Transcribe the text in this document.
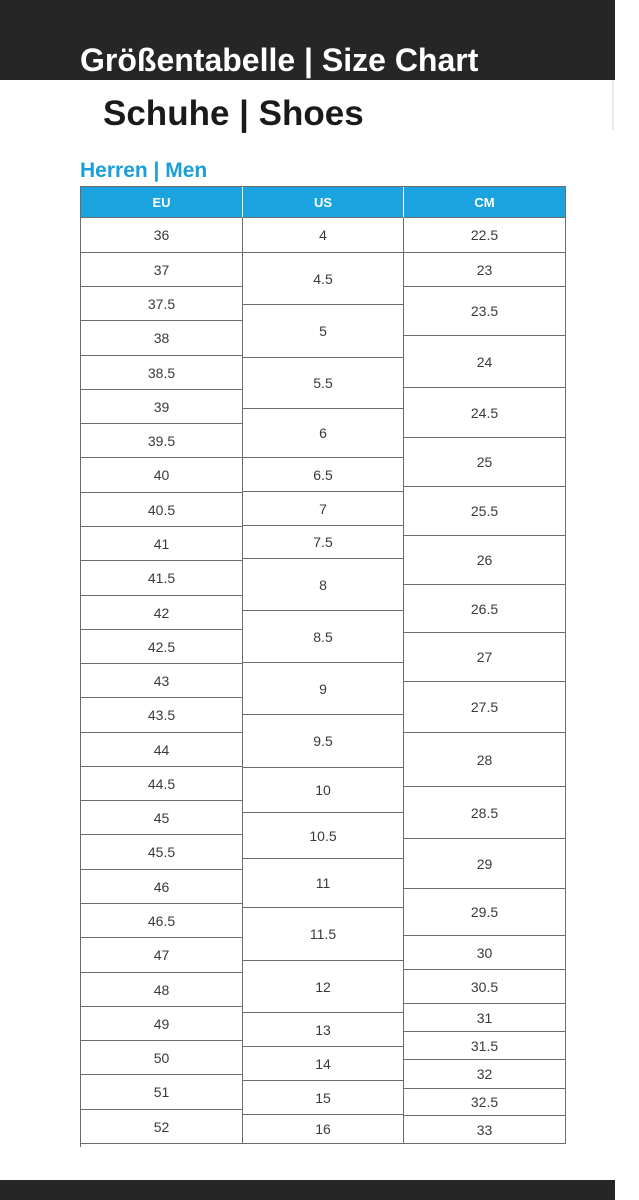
Größentabelle | Size Chart
Schuhe | Shoes
Herren | Men
EU	US	CM
36
37
37.5
38
38.5
39
39.5
40
40.5
41
41.5
42
42.5
43
43.5
44
44.5
45
45.5
46
46.5
47
48
49
50
51
52
4
4.5
5
5.5
6
6.5
7
7.5
8
8.5
9
9.5
10
10.5
11
11.5
12
13
14
15
16
22.5
23
23.5
24
24.5
25
25.5
26
26.5
27
27.5
28
28.5
29
29.5
30
30.5
31
31.5
32
32.5
33
